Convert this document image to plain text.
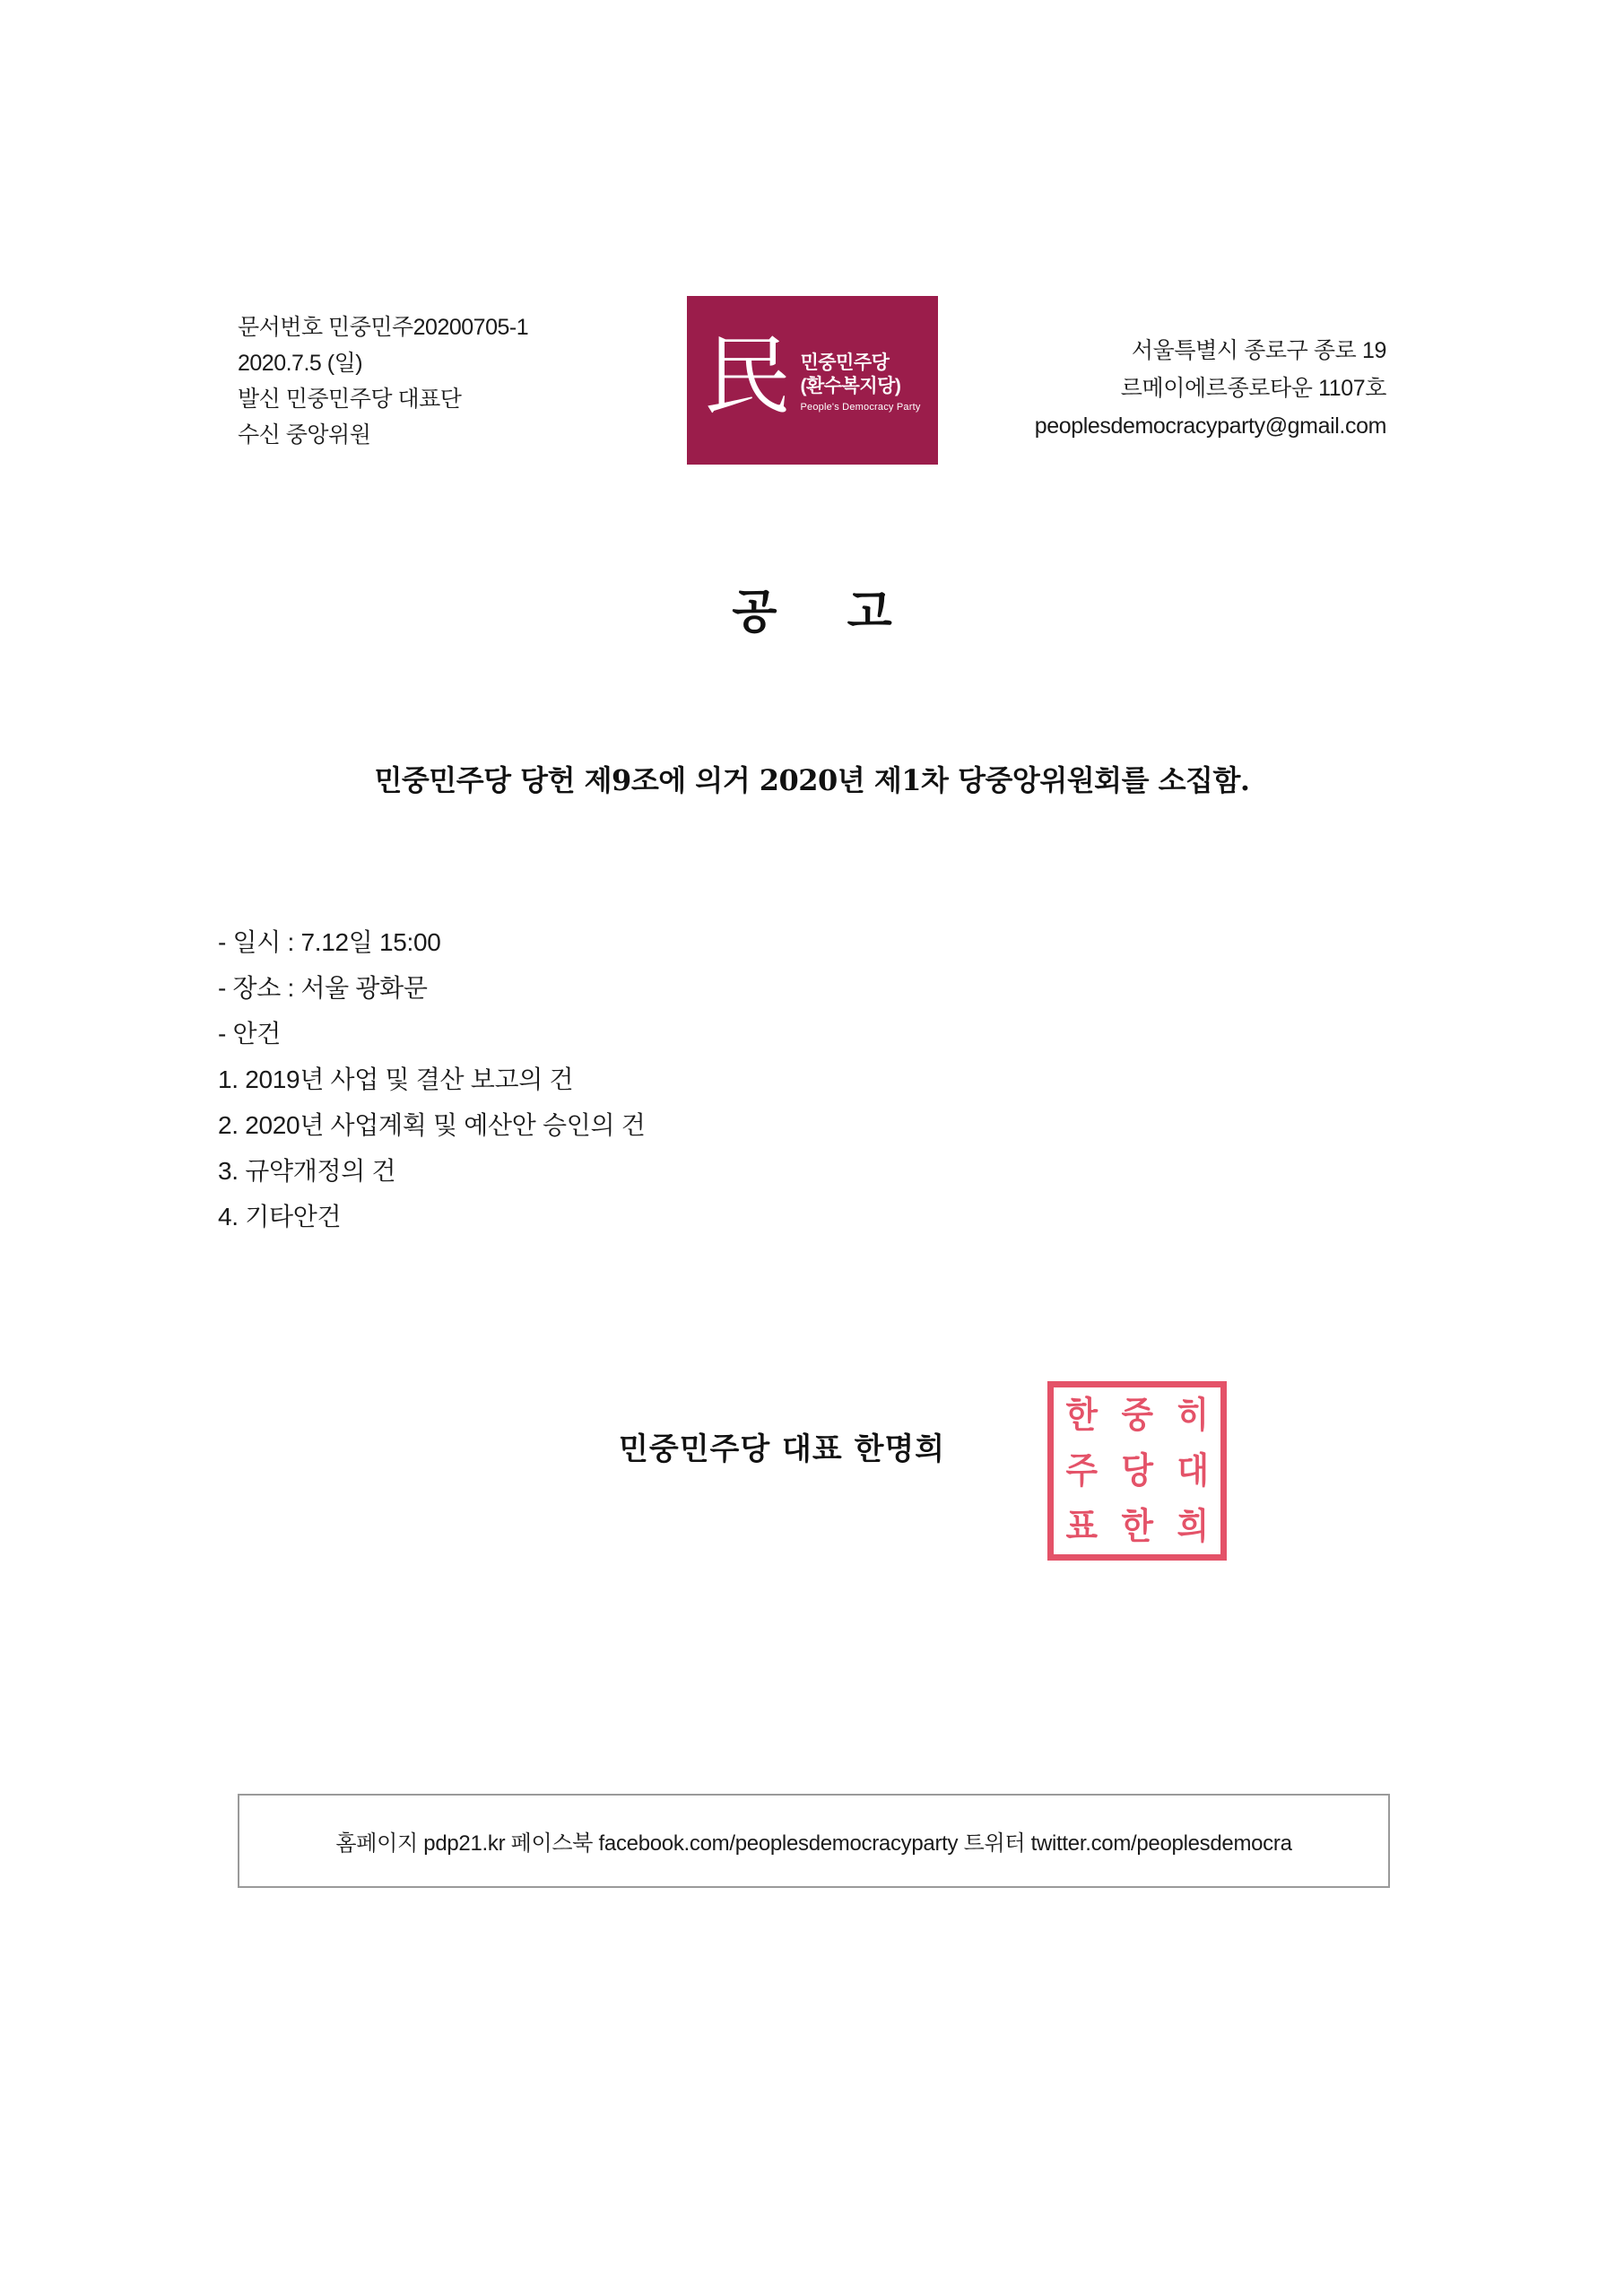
문서번호 민중민주20200705-1
2020.7.5 (일)
발신 민중민주당 대표단
수신 중앙위원
民 민중민주당
(환수복지당)
People's Democracy Party
서울특별시 종로구 종로 19
르메이에르종로타운 1107호
peoplesdemocracyparty@gmail.com
공 고
민중민주당 당헌 제9조에 의거 2020년 제1차 당중앙위원회를 소집함.
- 일시 : 7.12일 15:00
- 장소 : 서울 광화문
- 안건
1. 2019년 사업 및 결산 보고의 건
2. 2020년 사업계획 및 예산안 승인의 건
3. 규약개정의 건
4. 기타안건
민중민주당 대표 한명희
한 중 히
주 당 대
표 한 희
홈페이지 pdp21.kr 페이스북 facebook.com/peoplesdemocracyparty 트위터 twitter.com/peoplesdemocra
